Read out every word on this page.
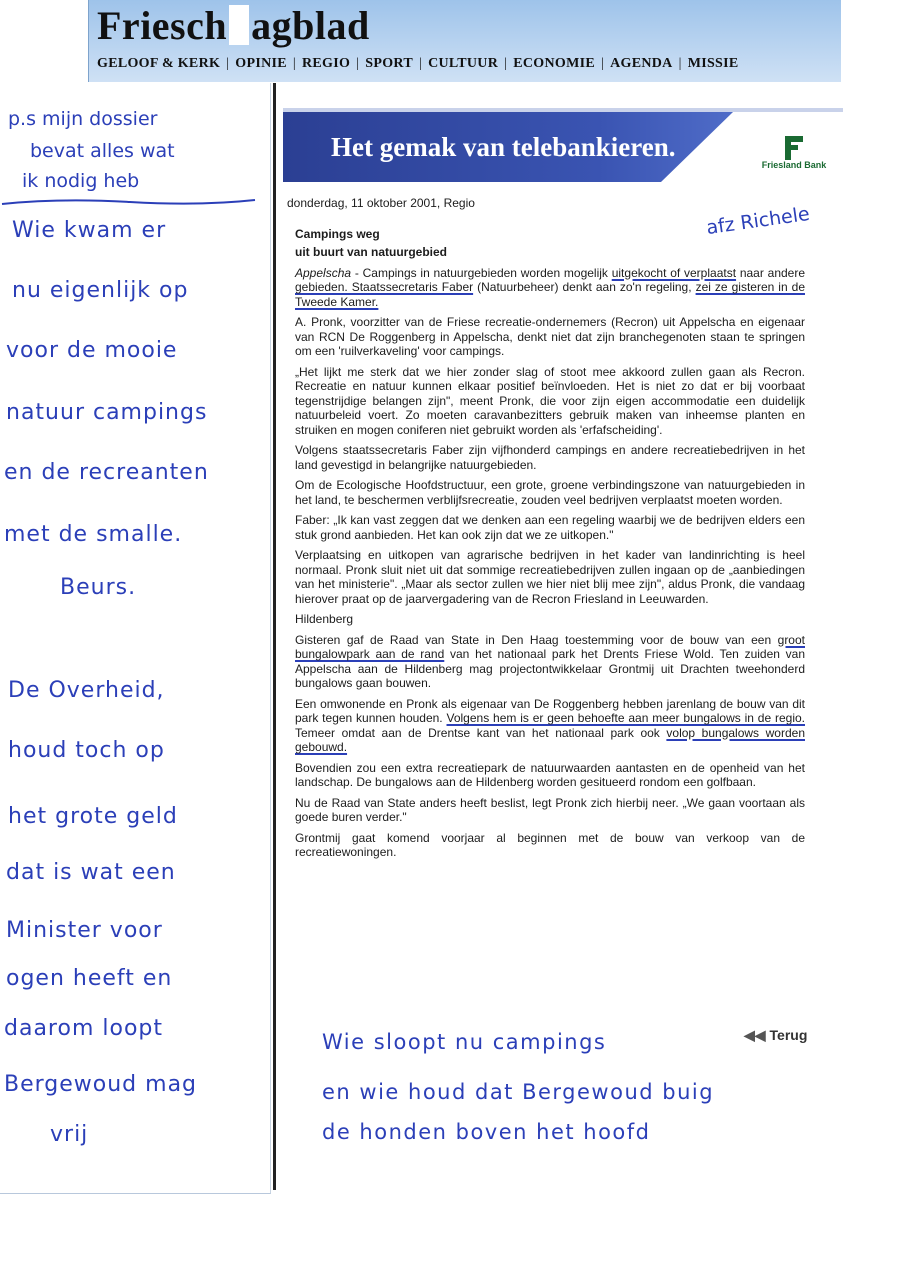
Friesch agblad
GELOOF & KERK | OPINIE | REGIO | SPORT | CULTUUR | ECONOMIE | AGENDA | MISSIE
p.s mijn dossier
bevat alles wat
ik nodig heb
Wie kwam er
nu eigenlijk op
voor de mooie
natuur campings
en de recreanten
met de smalle.
Beurs.
De Overheid,
houd toch op
het grote geld
dat is wat een
Minister voor
ogen heeft en
daarom loopt
Bergewoud mag
vrij
Het gemak van telebankieren.
Friesland Bank
donderdag, 11 oktober 2001, Regio
Campings weg
uit buurt van natuurgebied

Appelscha - Campings in natuurgebieden worden mogelijk uitgekocht of verplaatst naar andere gebieden. Staatssecretaris Faber (Natuurbeheer) denkt aan zo'n regeling, zei ze gisteren in de Tweede Kamer.

A. Pronk, voorzitter van de Friese recreatie-ondernemers (Recron) uit Appelscha en eigenaar van RCN De Roggenberg in Appelscha, denkt niet dat zijn branchegenoten staan te springen om een 'ruilverkaveling' voor campings.

„Het lijkt me sterk dat we hier zonder slag of stoot mee akkoord zullen gaan als Recron. Recreatie en natuur kunnen elkaar positief beïnvloeden. Het is niet zo dat er bij voorbaat tegenstrijdige belangen zijn", meent Pronk, die voor zijn eigen accommodatie een duidelijk natuurbeleid voert. Zo moeten caravanbezitters gebruik maken van inheemse planten en struiken en mogen coniferen niet gebruikt worden als 'erfafscheiding'.

Volgens staatssecretaris Faber zijn vijfhonderd campings en andere recreatiebedrijven in het land gevestigd in belangrijke natuurgebieden.

Om de Ecologische Hoofdstructuur, een grote, groene verbindingszone van natuurgebieden in het land, te beschermen verblijfsrecreatie, zouden veel bedrijven verplaatst moeten worden.

Faber: „Ik kan vast zeggen dat we denken aan een regeling waarbij we de bedrijven elders een stuk grond aanbieden. Het kan ook zijn dat we ze uitkopen."

Verplaatsing en uitkopen van agrarische bedrijven in het kader van landinrichting is heel normaal. Pronk sluit niet uit dat sommige recreatiebedrijven zullen ingaan op de „aanbiedingen van het ministerie". „Maar als sector zullen we hier niet blij mee zijn", aldus Pronk, die vandaag hierover praat op de jaarvergadering van de Recron Friesland in Leeuwarden.

Hildenberg

Gisteren gaf de Raad van State in Den Haag toestemming voor de bouw van een groot bungalowpark aan de rand van het nationaal park het Drents Friese Wold. Ten zuiden van Appelscha aan de Hildenberg mag projectontwikkelaar Grontmij uit Drachten tweehonderd bungalows gaan bouwen.

Een omwonende en Pronk als eigenaar van De Roggenberg hebben jarenlang de bouw van dit park tegen kunnen houden. Volgens hem is er geen behoefte aan meer bungalows in de regio. Temeer omdat aan de Drentse kant van het nationaal park ook volop bungalows worden gebouwd.

Bovendien zou een extra recreatiepark de natuurwaarden aantasten en de openheid van het landschap. De bungalows aan de Hildenberg worden gesitueerd rondom een golfbaan.

Nu de Raad van State anders heeft beslist, legt Pronk zich hierbij neer. „We gaan voortaan als goede buren verder."

Grontmij gaat komend voorjaar al beginnen met de bouw van verkoop van de recreatiewoningen.

afz Richele
◀◀ Terug
Wie sloopt nu campings
en wie houd dat Bergewoud buig
de honden boven het hoofd
